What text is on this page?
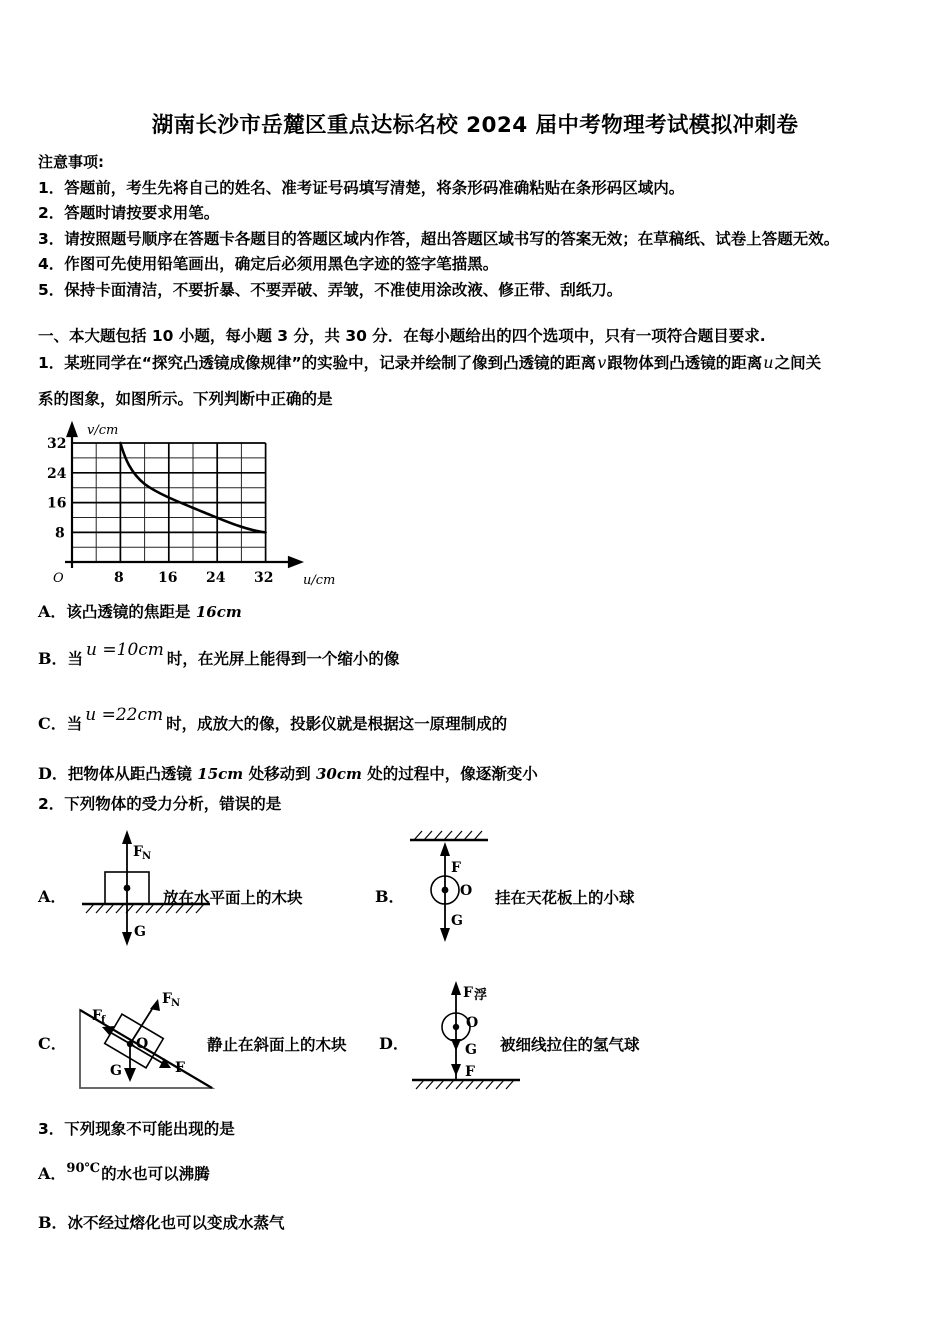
湖南长沙市岳麓区重点达标名校 2024 届中考物理考试模拟冲刺卷
注意事项:
1．答题前，考生先将自己的姓名、准考证号码填写清楚，将条形码准确粘贴在条形码区域内。
2．答题时请按要求用笔。
3．请按照题号顺序在答题卡各题目的答题区域内作答，超出答题区域书写的答案无效；在草稿纸、试卷上答题无效。
4．作图可先使用铅笔画出，确定后必须用黑色字迹的签字笔描黑。
5．保持卡面清洁，不要折暴、不要弄破、弄皱，不准使用涂改液、修正带、刮纸刀。
一、本大题包括 10 小题，每小题 3 分，共 30 分．在每小题给出的四个选项中，只有一项符合题目要求.
1．某班同学在“探究凸透镜成像规律”的实验中，记录并绘制了像到凸透镜的距离v跟物体到凸透镜的距离u之间关
系的图象，如图所示。下列判断中正确的是
v/cm
u/cm
32
24
16
8
8 16 24 32
O
A．该凸透镜的焦距是 16cm
B．当 u =10cm 时，在光屏上能得到一个缩小的像
C．当 u =22cm 时，成放大的像，投影仪就是根据这一原理制成的
D．把物体从距凸透镜 15cm 处移动到 30cm 处的过程中，像逐渐变小
2．下列物体的受力分析，错误的是
A．
F N
G
放在水平面上的木块	B．
F
O
G
挂在天花板上的小球
C．
F f
F N
O
G	F
静止在斜面上的木块 D．
F 浮
O
G
F
被细线拉住的氢气球
3．下列现象不可能出现的是
A．$^{90℃}$的水也可以沸腾
B．冰不经过熔化也可以变成水蒸气
